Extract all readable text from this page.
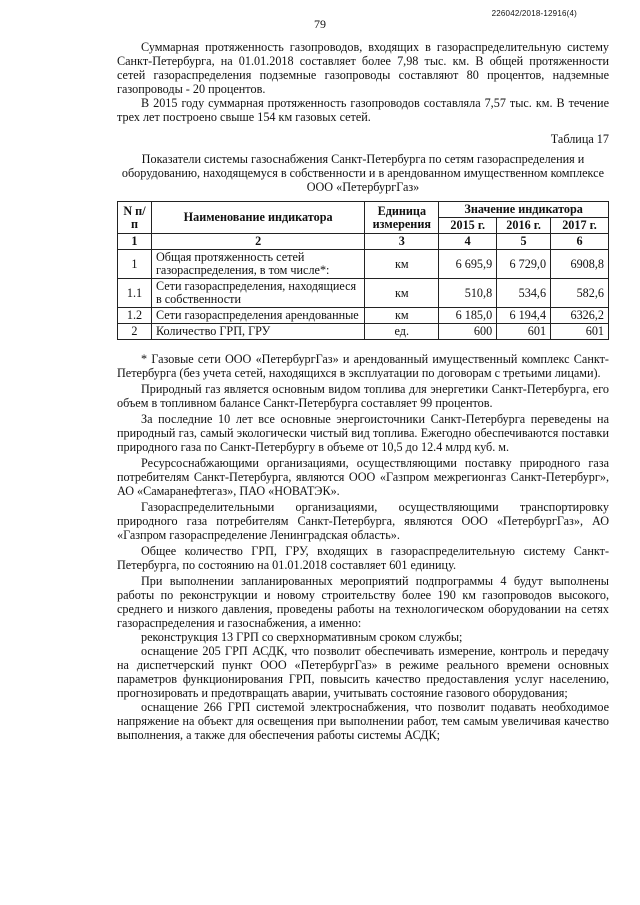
226042/2018-12916(4)
79

Суммарная протяженность газопроводов, входящих в газораспределительную систему Санкт-Петербурга, на 01.01.2018 составляет более 7,98 тыс. км. В общей протяженности сетей газораспределения подземные газопроводы составляют 80 процентов, надземные газопроводы - 20 процентов.

В 2015 году суммарная протяженность газопроводов составляла 7,57 тыс. км. В течение трех лет построено свыше 154 км газовых сетей.

Таблица 17
Показатели системы газоснабжения Санкт-Петербурга по сетям газораспределения и оборудованию, находящемуся в собственности и в арендованном имущественном комплексе ООО «ПетербургГаз»
N п/п	Наименование индикатора	Единица измерения	Значение индикатора		
			2015 г.	2016 г.	2017 г.
1	2	3	4	5	6
1	Общая протяженность сетей газораспределения, в том числе*:	км	6 695,9	6 729,0	6908,8
1.1	Сети газораспределения, находящиеся в собственности	км	510,8	534,6	582,6
1.2	Сети газораспределения арендованные	км	6 185,0	6 194,4	6326,2
2	Количество ГРП, ГРУ	ед.	600	601	601

* Газовые сети ООО «ПетербургГаз» и арендованный имущественный комплекс Санкт-Петербурга (без учета сетей, находящихся в эксплуатации по договорам с третьими лицами).

Природный газ является основным видом топлива для энергетики Санкт-Петербурга, его объем в топливном балансе Санкт-Петербурга составляет 99 процентов.

За последние 10 лет все основные энергоисточники Санкт-Петербурга переведены на природный газ, самый экологически чистый вид топлива. Ежегодно обеспечиваются поставки природного газа по Санкт-Петербургу в объеме от 10,5 до 12.4 млрд куб. м.

Ресурсоснабжающими организациями, осуществляющими поставку природного газа потребителям Санкт-Петербурга, являются ООО «Газпром межрегионгаз Санкт-Петербург», АО «Самаранефтегаз», ПАО «НОВАТЭК».

Газораспределительными организациями, осуществляющими транспортировку природного газа потребителям Санкт-Петербурга, являются ООО «ПетербургГаз», АО «Газпром газораспределение Ленинградская область».

Общее количество ГРП, ГРУ, входящих в газораспределительную систему Санкт-Петербурга, по состоянию на 01.01.2018 составляет 601 единицу.

При выполнении запланированных мероприятий подпрограммы 4 будут выполнены работы по реконструкции и новому строительству более 190 км газопроводов высокого, среднего и низкого давления, проведены работы на технологическом оборудовании на сетях газораспределения и газоснабжения, а именно:

реконструкция 13 ГРП со сверхнормативным сроком службы;

оснащение 205 ГРП АСДК, что позволит обеспечивать измерение, контроль и передачу на диспетчерский пункт ООО «ПетербургГаз» в режиме реального времени основных параметров функционирования ГРП, повысить качество предоставления услуг населению, прогнозировать и предотвращать аварии, учитывать состояние газового оборудования;

оснащение 266 ГРП системой электроснабжения, что позволит подавать необходимое напряжение на объект для освещения при выполнении работ, тем самым увеличивая качество выполнения, а также для обеспечения работы системы АСДК;
